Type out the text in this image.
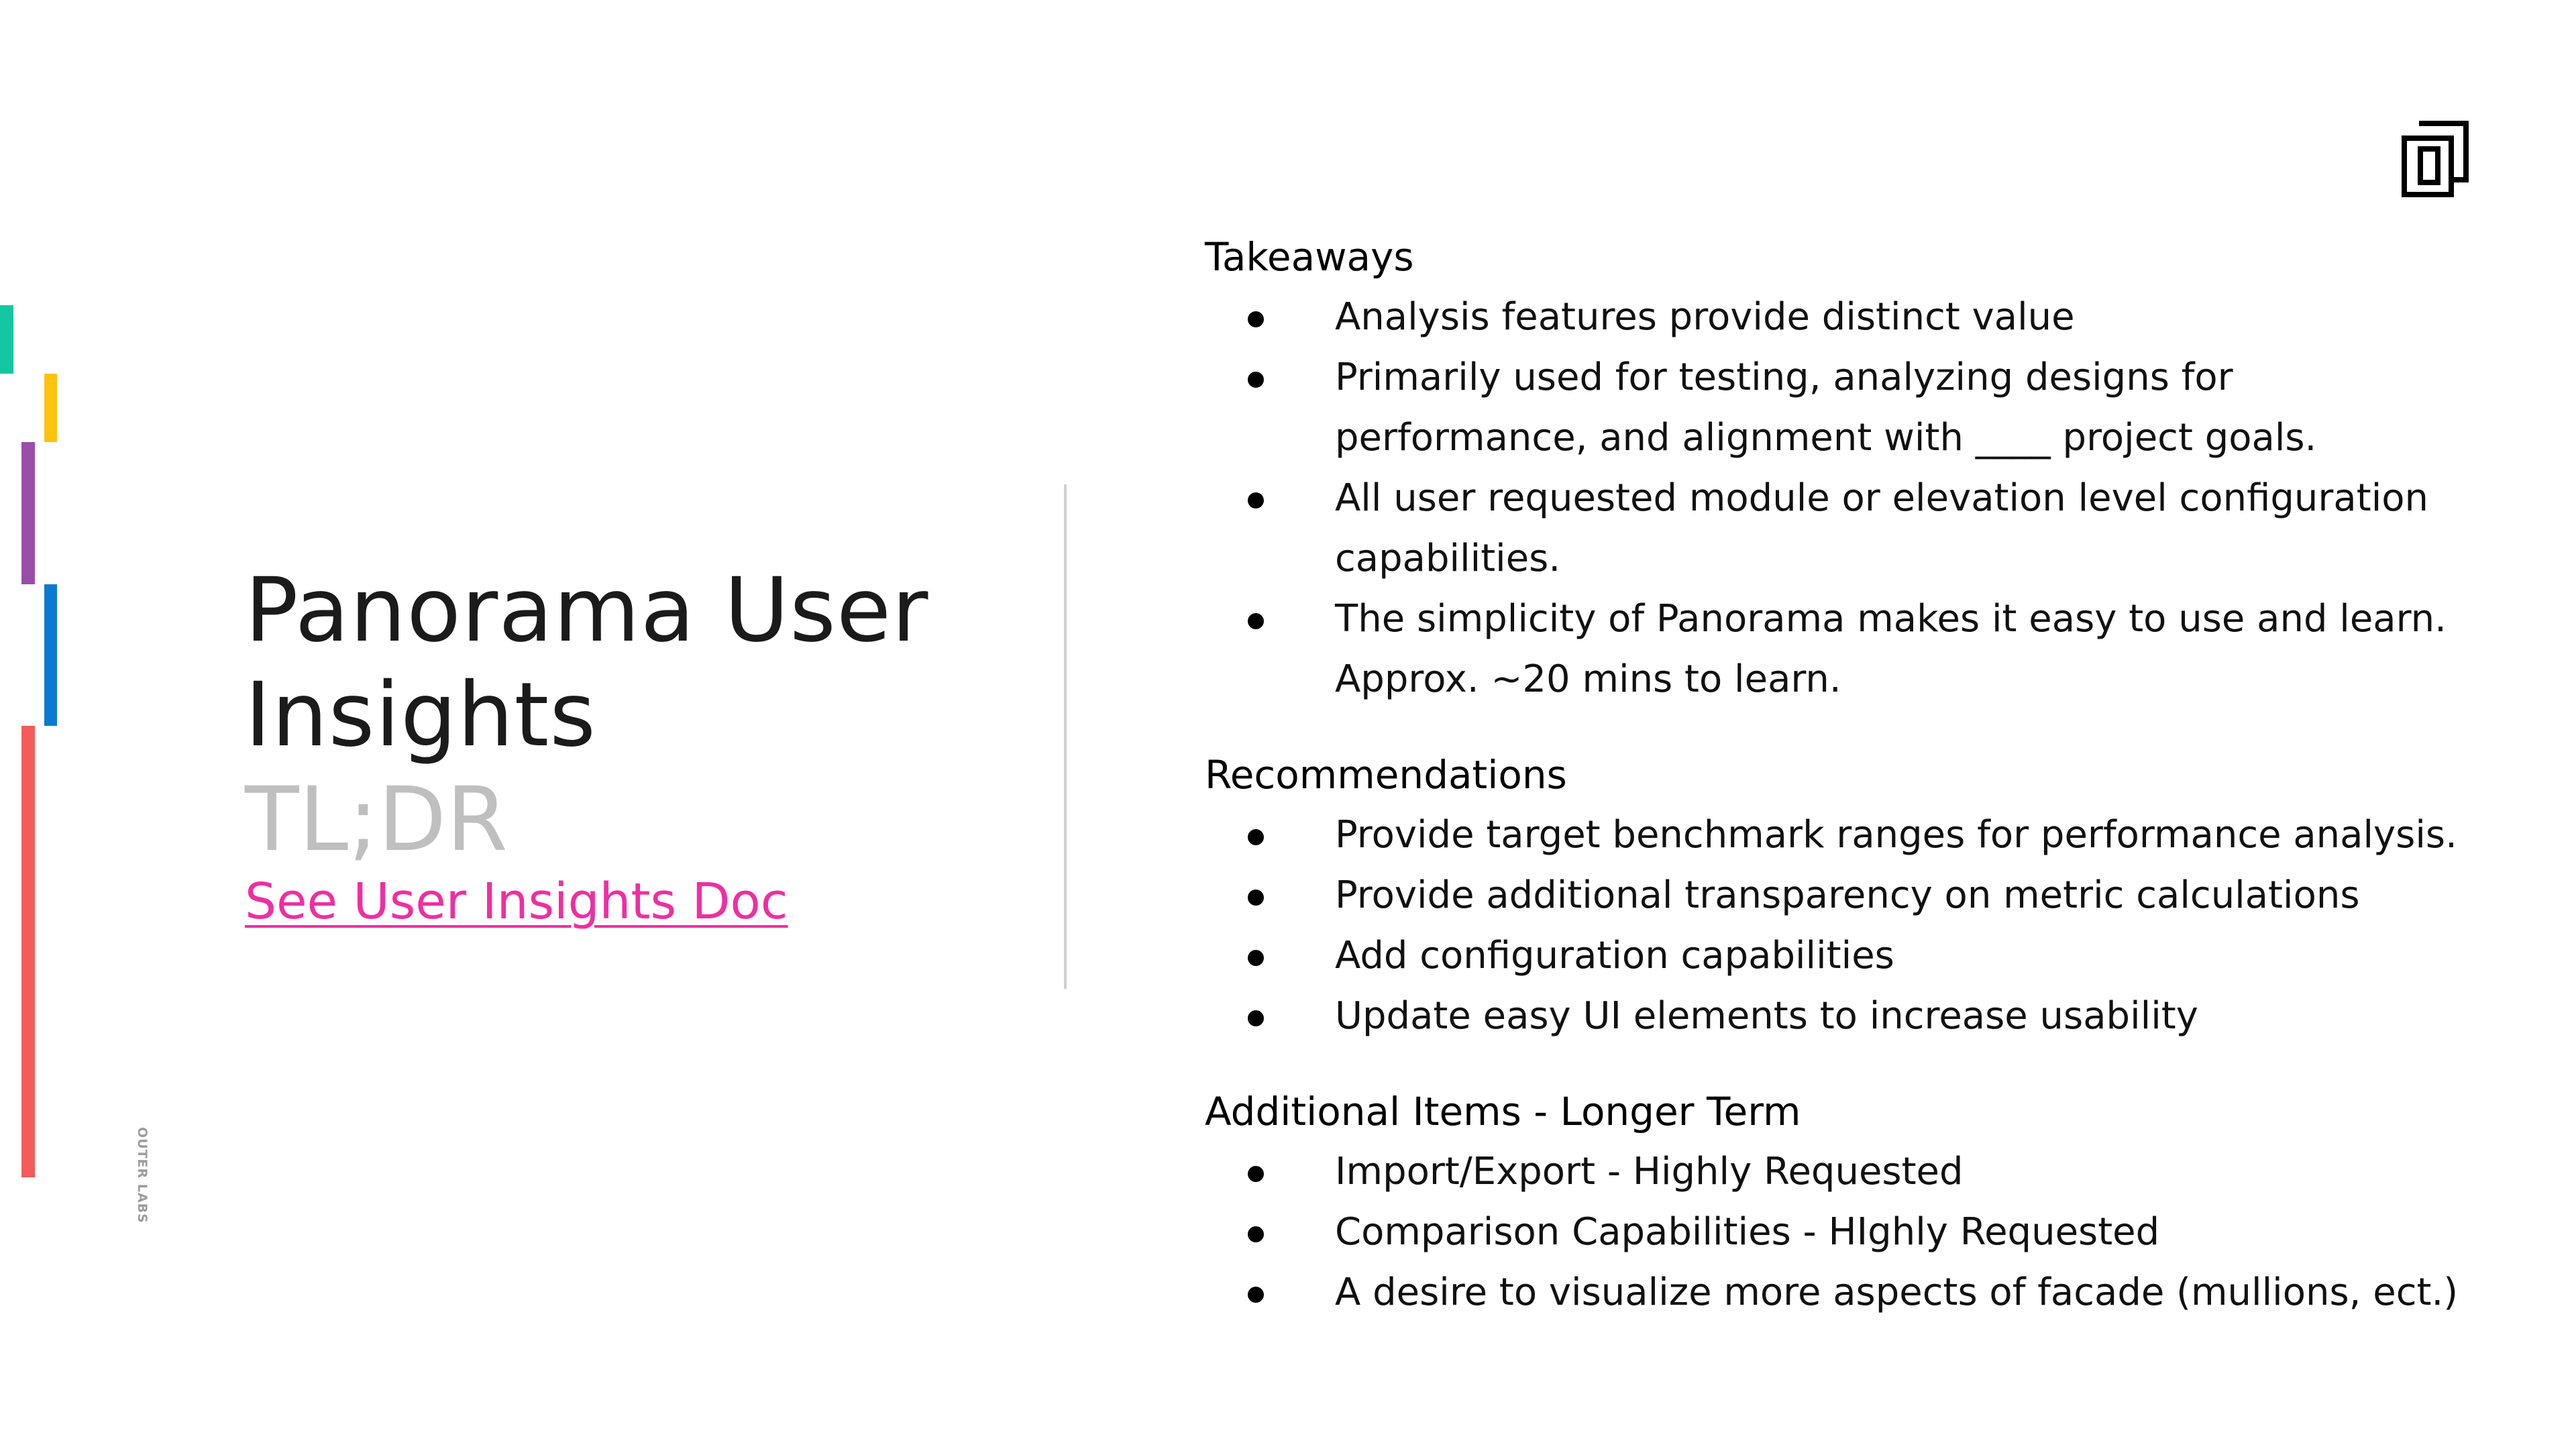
OUTER LABS
Panorama User
Insights
TL;DR
See User Insights Doc
Takeaways
Analysis features provide distinct value
Primarily used for testing, analyzing designs for performance, and alignment with ____ project goals.
All user requested module or elevation level configuration capabilities.
The simplicity of Panorama makes it easy to use and learn. Approx. ~20 mins to learn.
Recommendations
Provide target benchmark ranges for performance analysis.
Provide additional transparency on metric calculations
Add configuration capabilities
Update easy UI elements to increase usability
Additional Items - Longer Term
Import/Export - Highly Requested
Comparison Capabilities - HIghly Requested
A desire to visualize more aspects of facade (mullions, ect.)
